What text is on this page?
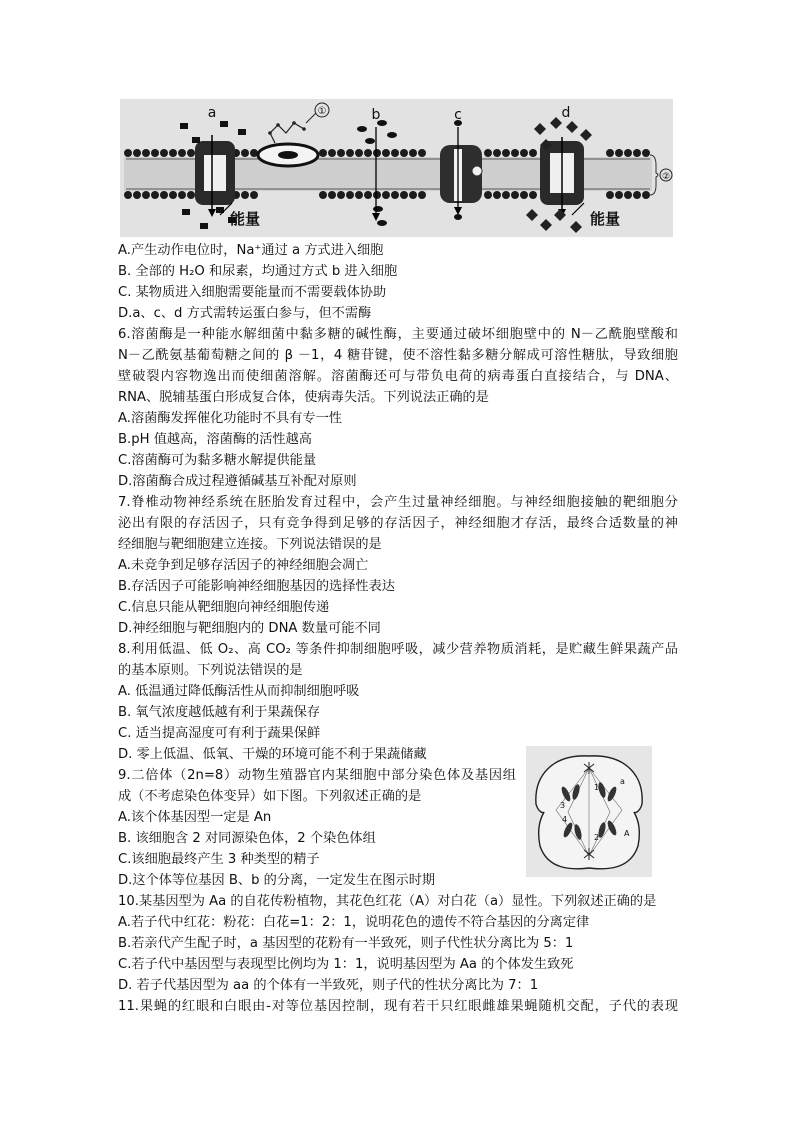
①
②
a	b	c	d
能量	能量
3
1
a
4
2	A
A.产生动作电位时，Na⁺通过 a 方式进入细胞
B. 全部的 H₂O 和尿素，均通过方式 b 进入细胞
C. 某物质进入细胞需要能量而不需要载体协助
D.a、c、d 方式需转运蛋白参与，但不需酶
6.溶菌酶是一种能水解细菌中黏多糖的碱性酶，主要通过破坏细胞壁中的 N－乙酰胞壁酸和
N－乙酰氨基葡萄糖之间的 β －1，4 糖苷键，使不溶性黏多糖分解成可溶性糖肽，导致细胞
壁破裂内容物逸出而使细菌溶解。溶菌酶还可与带负电荷的病毒蛋白直接结合，与 DNA、
RNA、脱辅基蛋白形成复合体，使病毒失活。下列说法正确的是
A.溶菌酶发挥催化功能时不具有专一性
B.pH 值越高，溶菌酶的活性越高
C.溶菌酶可为黏多糖水解提供能量
D.溶菌酶合成过程遵循碱基互补配对原则
7.脊椎动物神经系统在胚胎发育过程中，会产生过量神经细胞。与神经细胞接触的靶细胞分
泌出有限的存活因子，只有竞争得到足够的存活因子，神经细胞才存活，最终合适数量的神
经细胞与靶细胞建立连接。下列说法错误的是
A.未竞争到足够存活因子的神经细胞会凋亡
B.存活因子可能影响神经细胞基因的选择性表达
C.信息只能从靶细胞向神经细胞传递
D.神经细胞与靶细胞内的 DNA 数量可能不同
8.利用低温、低 O₂、高 CO₂ 等条件抑制细胞呼吸，减少营养物质消耗，是贮藏生鲜果蔬产品
的基本原则。下列说法错误的是
A. 低温通过降低酶活性从而抑制细胞呼吸
B. 氧气浓度越低越有利于果蔬保存
C. 适当提高湿度可有利于蔬果保鲜
D. 零上低温、低氧、干燥的环境可能不利于果蔬储藏
9.二倍体（2n=8）动物生殖器官内某细胞中部分染色体及基因组
成（不考虑染色体变异）如下图。下列叙述正确的是
A.该个体基因型一定是 An
B. 该细胞含 2 对同源染色体，2 个染色体组
C.该细胞最终产生 3 种类型的精子
D.这个体等位基因 B、b 的分离，一定发生在图示时期
10.某基因型为 Aa 的自花传粉植物，其花色红花（A）对白花（a）显性。下列叙述正确的是
A.若子代中红花：粉花：白花=1：2：1，说明花色的遗传不符合基因的分离定律
B.若亲代产生配子时，a 基因型的花粉有一半致死，则子代性状分离比为 5：1
C.若子代中基因型与表现型比例均为 1：1，说明基因型为 Aa 的个体发生致死
D. 若子代基因型为 aa 的个体有一半致死，则子代的性状分离比为 7：1
11.果蝇的红眼和白眼由-对等位基因控制，现有若干只红眼雌雄果蝇随机交配，子代的表现
